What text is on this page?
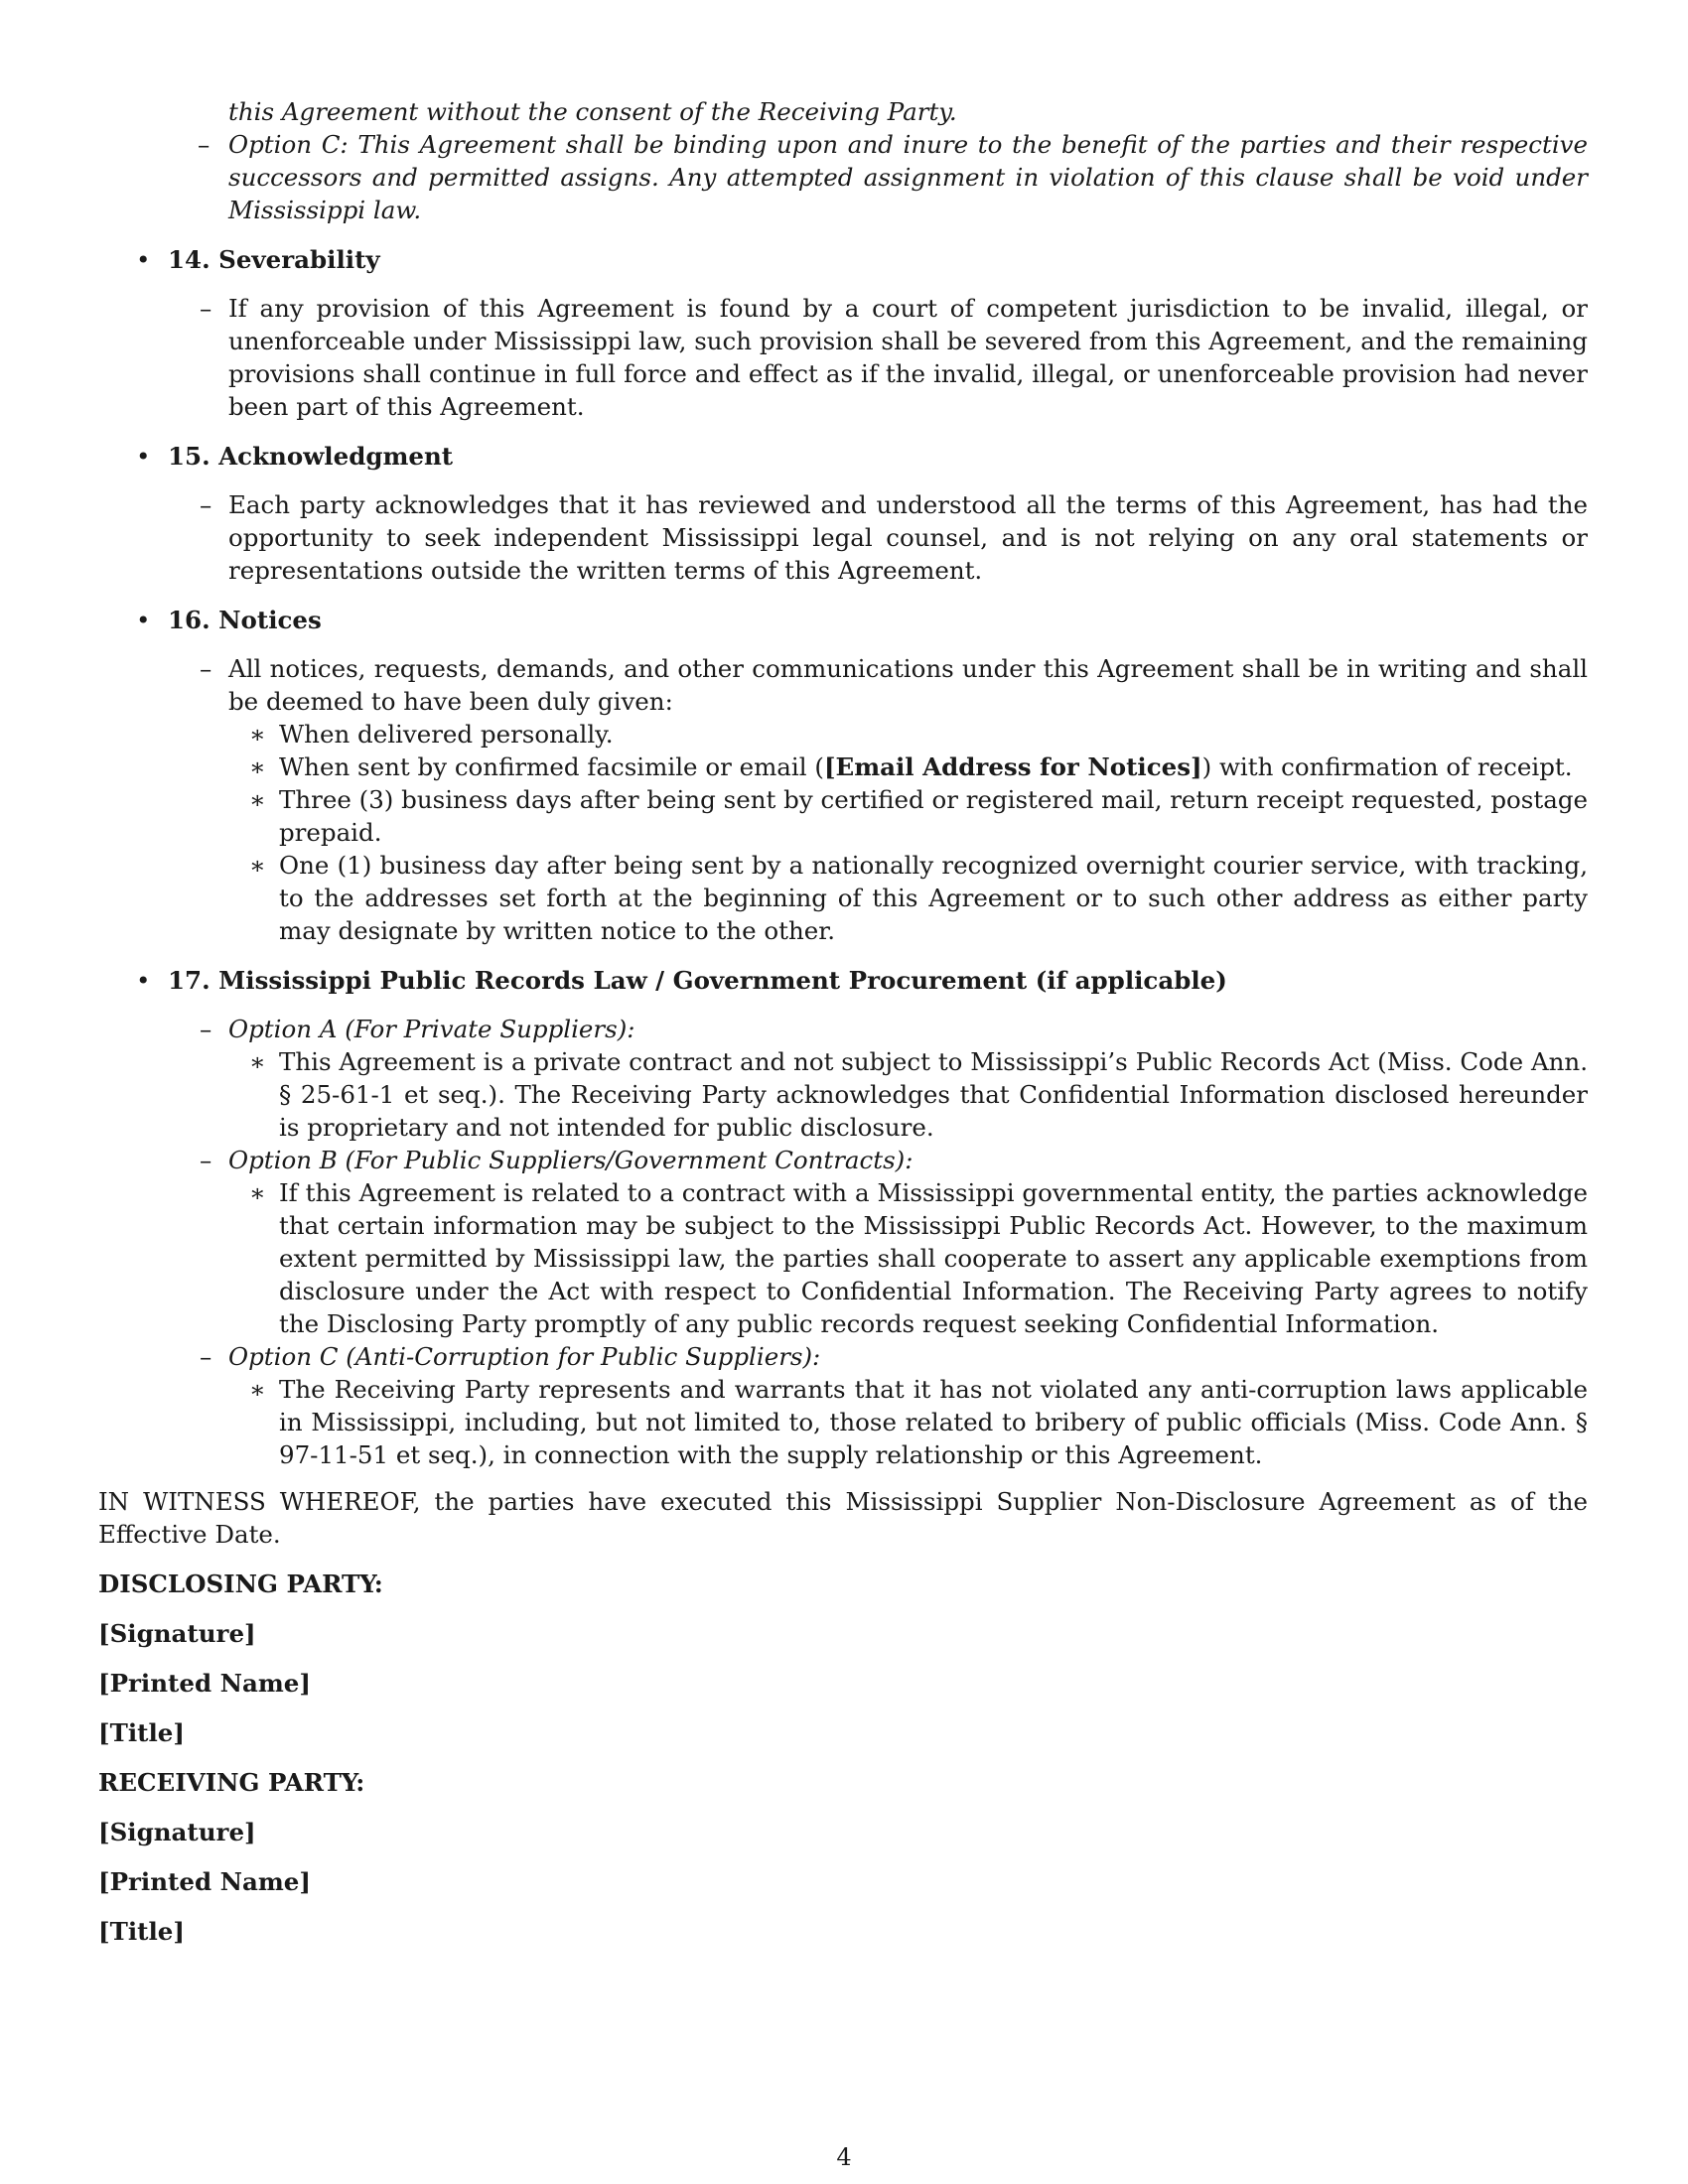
this Agreement without the consent of the Receiving Party.

– Option C: This Agreement shall be binding upon and inure to the benefit of the parties and their respective successors and permitted assigns. Any attempted assignment in violation of this clause shall be void under Mississippi law.

• 14. Severability

– If any provision of this Agreement is found by a court of competent jurisdiction to be invalid, illegal, or unenforceable under Mississippi law, such provision shall be severed from this Agreement, and the remaining provisions shall continue in full force and effect as if the invalid, illegal, or unenforceable provision had never been part of this Agreement.

• 15. Acknowledgment

– Each party acknowledges that it has reviewed and understood all the terms of this Agreement, has had the opportunity to seek independent Mississippi legal counsel, and is not relying on any oral statements or representations outside the written terms of this Agreement.

• 16. Notices

– All notices, requests, demands, and other communications under this Agreement shall be in writing and shall be deemed to have been duly given:

∗ When delivered personally.

∗ When sent by confirmed facsimile or email ([Email Address for Notices]) with confirmation of receipt.

∗ Three (3) business days after being sent by certified or registered mail, return receipt requested, postage prepaid.

∗ One (1) business day after being sent by a nationally recognized overnight courier service, with tracking, to the addresses set forth at the beginning of this Agreement or to such other address as either party may designate by written notice to the other.

• 17. Mississippi Public Records Law / Government Procurement (if applicable)

– Option A (For Private Suppliers):

∗ This Agreement is a private contract and not subject to Mississippi’s Public Records Act (Miss. Code Ann. § 25-61-1 et seq.). The Receiving Party acknowledges that Confidential Information disclosed hereunder is proprietary and not intended for public disclosure.

– Option B (For Public Suppliers/Government Contracts):

∗ If this Agreement is related to a contract with a Mississippi governmental entity, the parties acknowledge that certain information may be subject to the Mississippi Public Records Act. However, to the maximum extent permitted by Mississippi law, the parties shall cooperate to assert any applicable exemptions from disclosure under the Act with respect to Confidential Information. The Receiving Party agrees to notify the Disclosing Party promptly of any public records request seeking Confidential Information.

– Option C (Anti-Corruption for Public Suppliers):

∗ The Receiving Party represents and warrants that it has not violated any anti-corruption laws applicable in Mississippi, including, but not limited to, those related to bribery of public officials (Miss. Code Ann. § 97-11-51 et seq.), in connection with the supply relationship or this Agreement.

IN WITNESS WHEREOF, the parties have executed this Mississippi Supplier Non-Disclosure Agreement as of the Effective Date.

DISCLOSING PARTY:

[Signature]

[Printed Name]

[Title]

RECEIVING PARTY:

[Signature]

[Printed Name]

[Title]

4
